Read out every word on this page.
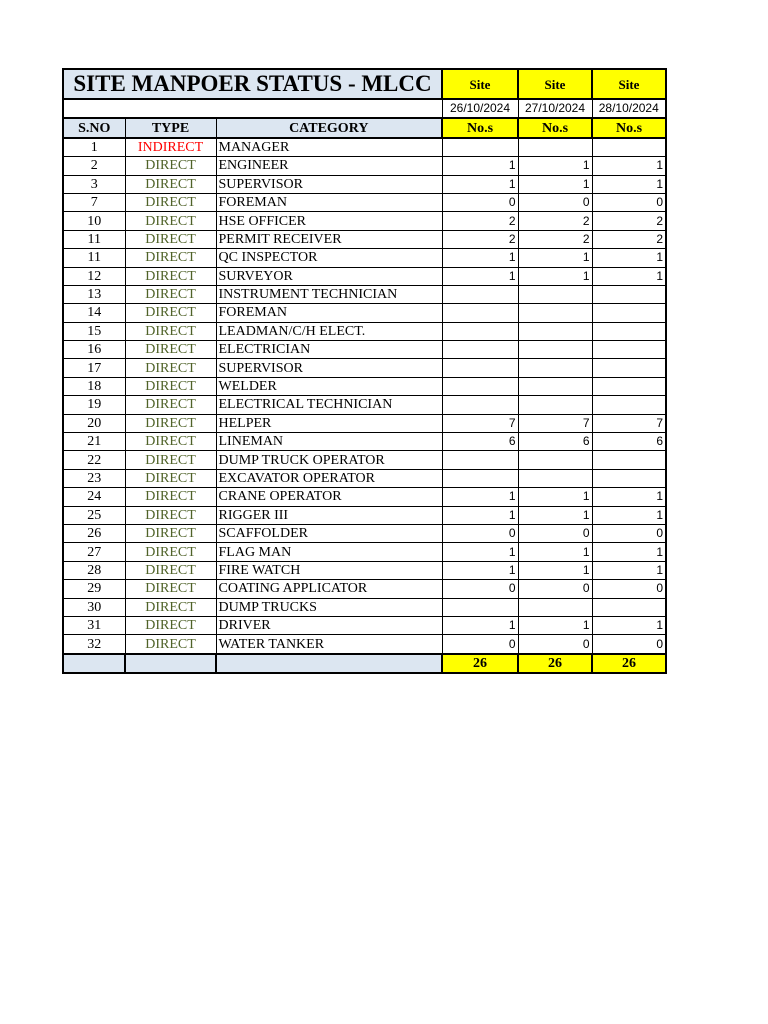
SITE MANPOER STATUS - MLCC			Site	Site	Site
			26/10/2024	27/10/2024	28/10/2024
S.NO	TYPE	CATEGORY	No.s	No.s	No.s
1	INDIRECT	MANAGER			
2	DIRECT	ENGINEER	1	1	1
3	DIRECT	SUPERVISOR	1	1	1
7	DIRECT	FOREMAN	0	0	0
10	DIRECT	HSE OFFICER	2	2	2
11	DIRECT	PERMIT RECEIVER	2	2	2
11	DIRECT	QC INSPECTOR	1	1	1
12	DIRECT	SURVEYOR	1	1	1
13	DIRECT	INSTRUMENT TECHNICIAN			
14	DIRECT	FOREMAN			
15	DIRECT	LEADMAN/C/H ELECT.			
16	DIRECT	ELECTRICIAN			
17	DIRECT	SUPERVISOR			
18	DIRECT	WELDER			
19	DIRECT	ELECTRICAL TECHNICIAN			
20	DIRECT	HELPER	7	7	7
21	DIRECT	LINEMAN	6	6	6
22	DIRECT	DUMP TRUCK OPERATOR			
23	DIRECT	EXCAVATOR OPERATOR			
24	DIRECT	CRANE OPERATOR	1	1	1
25	DIRECT	RIGGER III	1	1	1
26	DIRECT	SCAFFOLDER	0	0	0
27	DIRECT	FLAG MAN	1	1	1
28	DIRECT	FIRE WATCH	1	1	1
29	DIRECT	COATING APPLICATOR	0	0	0
30	DIRECT	DUMP TRUCKS			
31	DIRECT	DRIVER	1	1	1
32	DIRECT	WATER TANKER	0	0	0
			26	26	26
